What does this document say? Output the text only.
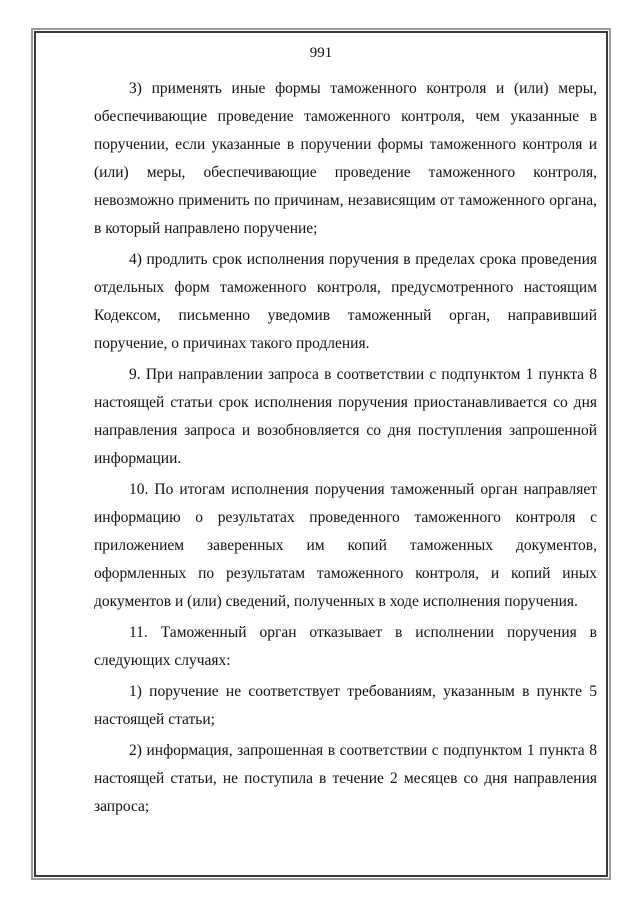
991

3) применять иные формы таможенного контроля и (или) меры, обеспечивающие проведение таможенного контроля, чем указанные в поручении, если указанные в поручении формы таможенного контроля и (или) меры, обеспечивающие проведение таможенного контроля, невозможно применить по причинам, независящим от таможенного органа, в который направлено поручение;

4) продлить срок исполнения поручения в пределах срока проведения отдельных форм таможенного контроля, предусмотренного настоящим Кодексом, письменно уведомив таможенный орган, направивший поручение, о причинах такого продления.

9. При направлении запроса в соответствии с подпунктом 1 пункта 8 настоящей статьи срок исполнения поручения приостанавливается со дня направления запроса и возобновляется со дня поступления запрошенной информации.

10. По итогам исполнения поручения таможенный орган направляет информацию о результатах проведенного таможенного контроля с приложением заверенных им копий таможенных документов, оформленных по результатам таможенного контроля, и копий иных документов и (или) сведений, полученных в ходе исполнения поручения.

11. Таможенный орган отказывает в исполнении поручения в следующих случаях:

1) поручение не соответствует требованиям, указанным в пункте 5 настоящей статьи;

2) информация, запрошенная в соответствии с подпунктом 1 пункта 8 настоящей статьи, не поступила в течение 2 месяцев со дня направления запроса;
